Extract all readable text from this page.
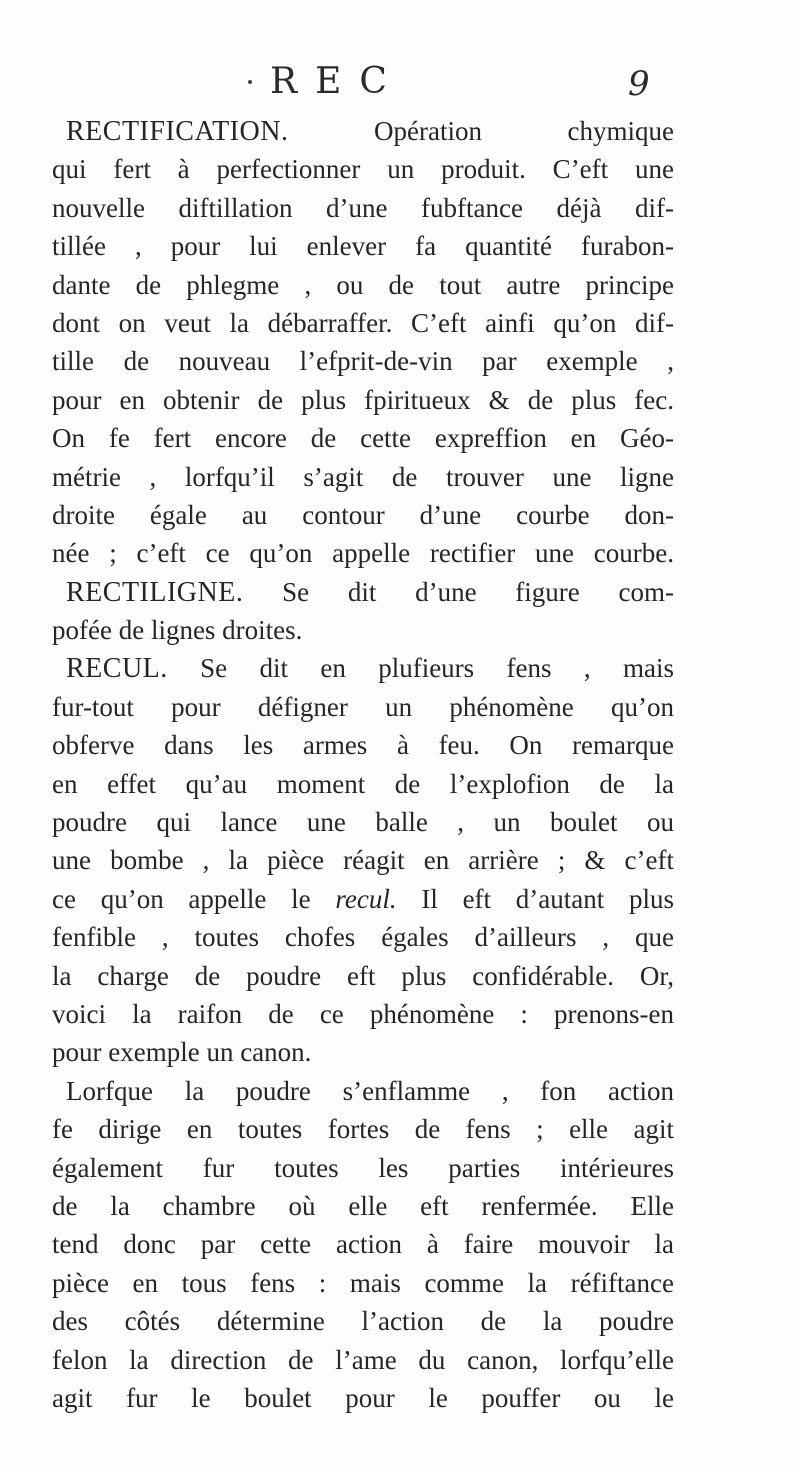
REC	9
RECTIFICATION. Opération chymique
qui fert à perfectionner un produit. C’eft une
nouvelle diftillation d’une fubftance déjà dif-
tillée , pour lui enlever fa quantité furabon-
dante de phlegme , ou de tout autre principe
dont on veut la débarraffer. C’eft ainfi qu’on dif-
tille de nouveau l’efprit-de-vin par exemple ,
pour en obtenir de plus fpiritueux & de plus fec.
On fe fert encore de cette expreffion en Géo-
métrie , lorfqu’il s’agit de trouver une ligne
droite égale au contour d’une courbe don-
née ; c’eft ce qu’on appelle rectifier une courbe.
RECTILIGNE. Se dit d’une figure com-
pofée de lignes droites.
RECUL. Se dit en plufieurs fens , mais
fur-tout pour défigner un phénomène qu’on
obferve dans les armes à feu. On remarque
en effet qu’au moment de l’explofion de la
poudre qui lance une balle , un boulet ou
une bombe , la pièce réagit en arrière ; & c’eft
ce qu’on appelle le recul. Il eft d’autant plus
fenfible , toutes chofes égales d’ailleurs , que
la charge de poudre eft plus confidérable. Or,
voici la raifon de ce phénomène : prenons-en
pour exemple un canon.
Lorfque la poudre s’enflamme , fon action
fe dirige en toutes fortes de fens ; elle agit
également fur toutes les parties intérieures
de la chambre où elle eft renfermée. Elle
tend donc par cette action à faire mouvoir la
pièce en tous fens : mais comme la réfiftance
des côtés détermine l’action de la poudre
felon la direction de l’ame du canon, lorfqu’elle
agit fur le boulet pour le pouffer ou le
